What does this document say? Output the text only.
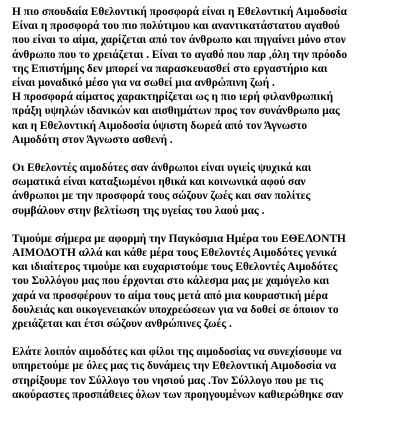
Η πιο σπουδαία Εθελοντική προσφορά είναι η Εθελοντική Αιμοδοσία
Είναι η προσφορά του πιο πολύτιμου και αναντικατάστατου αγαθού
που είναι το αίμα, χαρίζεται από τον άνθρωπο και πηγαίνει μόνο στον
άνθρωπο που το χρειάζεται . Είναι το αγαθό που παρ ,όλη την πρόοδο
της Επιστήμης δεν μπορεί να παρασκευασθεί στο εργαστήριο και
είναι μοναδικό μέσο για να σωθεί μια ανθρώπινη ζωή .
Η προσφορά αίματος χαρακτηρίζεται ως η πιο ιερή φιλανθρωπική
πράξη υψηλών ιδανικών και αισθημάτων προς τον συνάνθρωπο μας
και η Εθελοντική Αιμοδοσία ύψιστη δωρεά από τον Άγνωστο
Αιμοδότη στον Άγνωστο ασθενή .
Οι Εθελοντές αιμοδότες σαν άνθρωποι είναι υγιείς ψυχικά και
σωματικά είναι καταξιωμένοι ηθικά και κοινωνικά αφού σαν
άνθρωποι με την προσφορά τους σώζουν ζωές και σαν πολίτες
συμβάλουν στην βελτίωση της υγείας του λαού μας .
Τιμούμε σήμερα με αφορμή την Παγκόσμια Ημέρα του ΕΘΕΛΟΝΤΗ
ΑΙΜΟΔΟΤΗ αλλά και κάθε μέρα τους Εθελοντές Αιμοδότες γενικά
και ιδιαίτερος τιμούμε και ευχαριστούμε τους Εθελοντές Αιμοδότες
του Συλλόγου μας που έρχονται στο κάλεσμα μας με χαμόγελο και
χαρά να προσφέρουν το αίμα τους μετά από μια κουραστική μέρα
δουλειάς και οικογενειακών υποχρεώσεων για να δοθεί σε όποιον το
χρειάζεται και έτσι σώζουν ανθρώπινες ζωές .
Ελάτε λοιπόν αιμοδότες και φίλοι της αιμοδοσίας να συνεχίσουμε να
υπηρετούμε με όλες μας τις δυνάμεις την Εθελοντική Αιμοδοσία να
στηρίξουμε τον Σύλλογο του νησιού μας .Τον Σύλλογο που με τις
ακούραστες προσπάθειες όλων των προηγουμένων καθιερώθηκε σαν
